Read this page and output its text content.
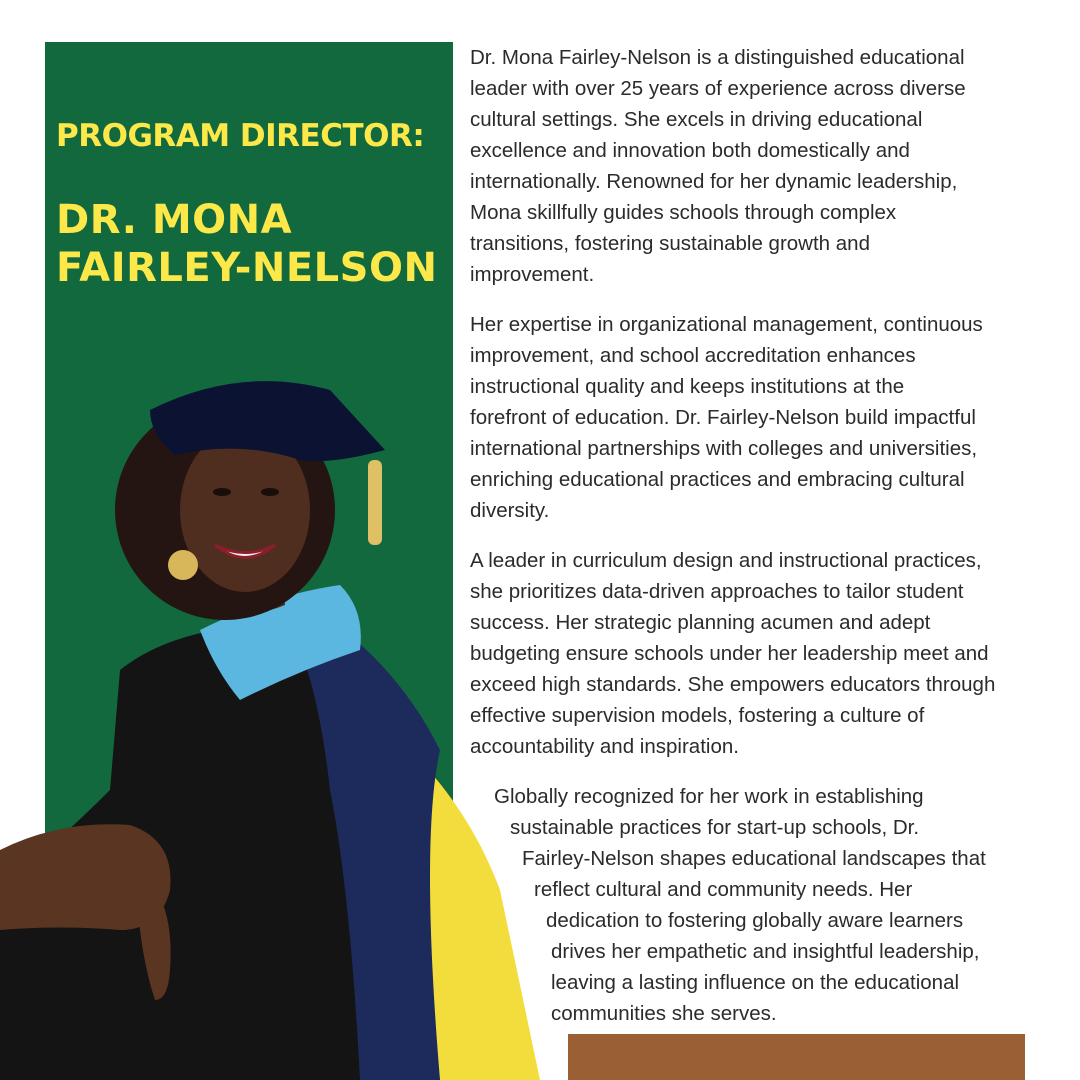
PROGRAM DIRECTOR:
DR. MONA
FAIRLEY-NELSON

Dr. Mona Fairley-Nelson is a distinguished educational
leader with over 25 years of experience across diverse
cultural settings. She excels in driving educational
excellence and innovation both domestically and
internationally. Renowned for her dynamic leadership,
Mona skillfully guides schools through complex
transitions, fostering sustainable growth and
improvement.

Her expertise in organizational management, continuous
improvement, and school accreditation enhances
instructional quality and keeps institutions at the
forefront of education. Dr. Fairley-Nelson build impactful
international partnerships with colleges and universities,
enriching educational practices and embracing cultural
diversity.

A leader in curriculum design and instructional practices,
she prioritizes data-driven approaches to tailor student
success. Her strategic planning acumen and adept
budgeting ensure schools under her leadership meet and
exceed high standards. She empowers educators through
effective supervision models, fostering a culture of
accountability and inspiration.

Globally recognized for her work in establishing
sustainable practices for start-up schools, Dr.
Fairley-Nelson shapes educational landscapes that
reflect cultural and community needs. Her
dedication to fostering globally aware learners
drives her empathetic and insightful leadership,
leaving a lasting influence on the educational
communities she serves.
